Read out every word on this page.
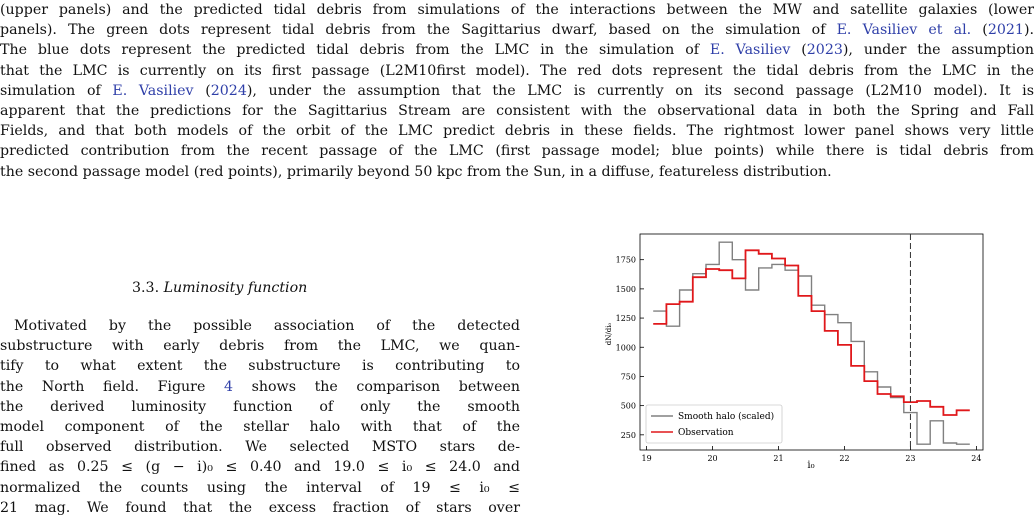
(upper panels) and the predicted tidal debris from simulations of the interactions between the MW and satellite galaxies (lower
panels). The green dots represent tidal debris from the Sagittarius dwarf, based on the simulation of E. Vasiliev et al. (2021).
The blue dots represent the predicted tidal debris from the LMC in the simulation of E. Vasiliev (2023), under the assumption
that the LMC is currently on its first passage (L2M10first model). The red dots represent the tidal debris from the LMC in the
simulation of E. Vasiliev (2024), under the assumption that the LMC is currently on its second passage (L2M10 model). It is
apparent that the predictions for the Sagittarius Stream are consistent with the observational data in both the Spring and Fall
Fields, and that both models of the orbit of the LMC predict debris in these fields. The rightmost lower panel shows very little
predicted contribution from the recent passage of the LMC (first passage model; blue points) while there is tidal debris from
the second passage model (red points), primarily beyond 50 kpc from the Sun, in a diffuse, featureless distribution.
3.3. Luminosity function
Motivated by the possible association of the detected
substructure with early debris from the LMC, we quan-
tify to what extent the substructure is contributing to
the North field. Figure 4 shows the comparison between
the derived luminosity function of only the smooth
model component of the stellar halo with that of the
full observed distribution. We selected MSTO stars de-
fined as 0.25 ≤ (g − i)₀ ≤ 0.40 and 19.0 ≤ i₀ ≤ 24.0 and
normalized the counts using the interval of 19 ≤ i₀ ≤
21 mag. We found that the excess fraction of stars over
250
500
750
1000
1250
1500
1750
19	20	21	22	23	24
dN/di₀
i₀
Smooth halo (scaled)
Observation
